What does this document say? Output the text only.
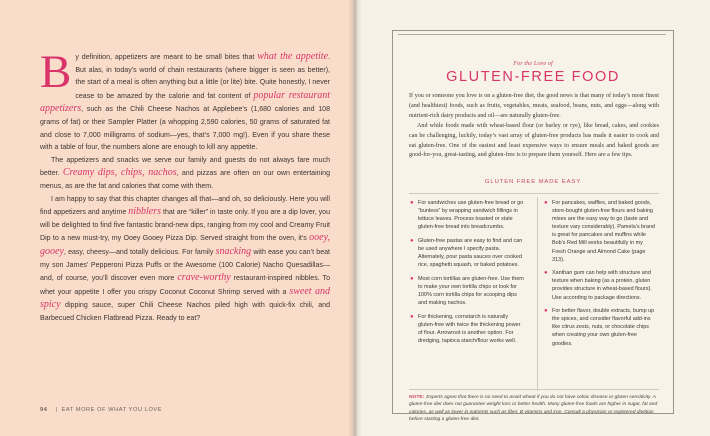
By definition, appetizers are meant to be small bites that what the appetite. But alas, in today’s world of chain restaurants (where bigger is seen as better), the start of a meal is often anything but a little (or lite) bite. Quite honestly, I never cease to be amazed by the calorie and fat content of popular restaurant appetizers, such as the Chili Cheese Nachos at Applebee’s (1,680 calories and 108 grams of fat) or their Sampler Platter (a whopping 2,590 calories, 50 grams of saturated fat and close to 7,000 milligrams of sodium—yes, that’s 7,000 mg!). Even if you share these with a table of four, the numbers alone are enough to kill any appetite.

The appetizers and snacks we serve our family and guests do not always fare much better. Creamy dips, chips, nachos, and pizzas are often on our own entertaining menus, as are the fat and calories that come with them.

I am happy to say that this chapter changes all that—and oh, so deliciously. Here you will find appetizers and anytime nibblers that are “killer” in taste only. If you are a dip lover, you will be delighted to find five fantastic brand-new dips, ranging from my cool and Creamy Fruit Dip to a new must-try, my Ooey Gooey Pizza Dip. Served straight from the oven, it’s ooey, gooey, easy, cheesy—and totally delicious. For family snacking with ease you can’t beat my son James’ Pepperoni Pizza Puffs or the Awesome (100 Calorie) Nacho Quesadillas—and, of course, you’ll discover even more crave-worthy restaurant-inspired nibbles. To whet your appetite I offer you crispy Coconut Coconut Shrimp served with a sweet and spicy dipping sauce, super Chili Cheese Nachos piled high with quick-fix chili, and Barbecued Chicken Flatbread Pizza. Ready to eat?

94 | EAT MORE OF WHAT YOU LOVE
For the Love of
GLUTEN-FREE FOOD

If you or someone you love is on a gluten-free diet, the good news is that many of today’s most finest (and healthiest) foods, such as fruits, vegetables, meats, seafood, beans, nuts, and eggs—along with nutrient-rich dairy products and oil—are naturally gluten-free.

And while foods made with wheat-based flour (or barley or rye), like bread, cakes, and cookies can be challenging, luckily, today’s vast array of gluten-free products has made it easier to cook and eat gluten-free. One of the easiest and least expensive ways to ensure meals and baked goods are good-for-you, great-tasting, and gluten-free is to prepare them yourself. Here are a few tips.

GLUTEN FREE MADE EASY
● For sandwiches use gluten-free bread or go “bunless” by wrapping sandwich fillings in lettuce leaves. Process toasted or stale gluten-free bread into breadcrumbs.
● Gluten-free pastas are easy to find and can be used anywhere I specify pasta. Alternately, pour pasta sauces over cooked rice, spaghetti squash, or baked potatoes.
● Most corn tortillas are gluten-free. Use them to make your own tortilla chips or look for 100% corn tortilla chips for scooping dips and making nachos.
● For thickening, cornstarch is naturally gluten-free with twice the thickening power of flour. Arrowroot is another option. For dredging, tapioca starch/flour works well.
● For pancakes, waffles, and baked goods, store-bought gluten-free flours and baking mixes are the easy way to go (taste and texture vary considerably). Pamela’s brand is great for pancakes and muffins while Bob’s Red Mill works beautifully in my Fresh Orange and Almond Cake (page 313).
● Xanthan gum can help with structure and texture when baking (as a protein, gluten provides structure in wheat-based flours). Use according to package directions.
● For better flavor, double extracts, bump up the spices, and consider flavorful add-ins like citrus zests, nuts, or chocolate chips when creating your own gluten-free goodies.
NOTE: Experts agree that there is no need to avoid wheat if you do not have celiac disease or gluten sensitivity. A gluten-free diet does not guarantee weight loss or better health. Many gluten-free foods are higher in sugar, fat and calories, as well as lower in nutrients such as fiber, B vitamins and iron. Consult a physician or registered dietitian before starting a gluten-free diet.
